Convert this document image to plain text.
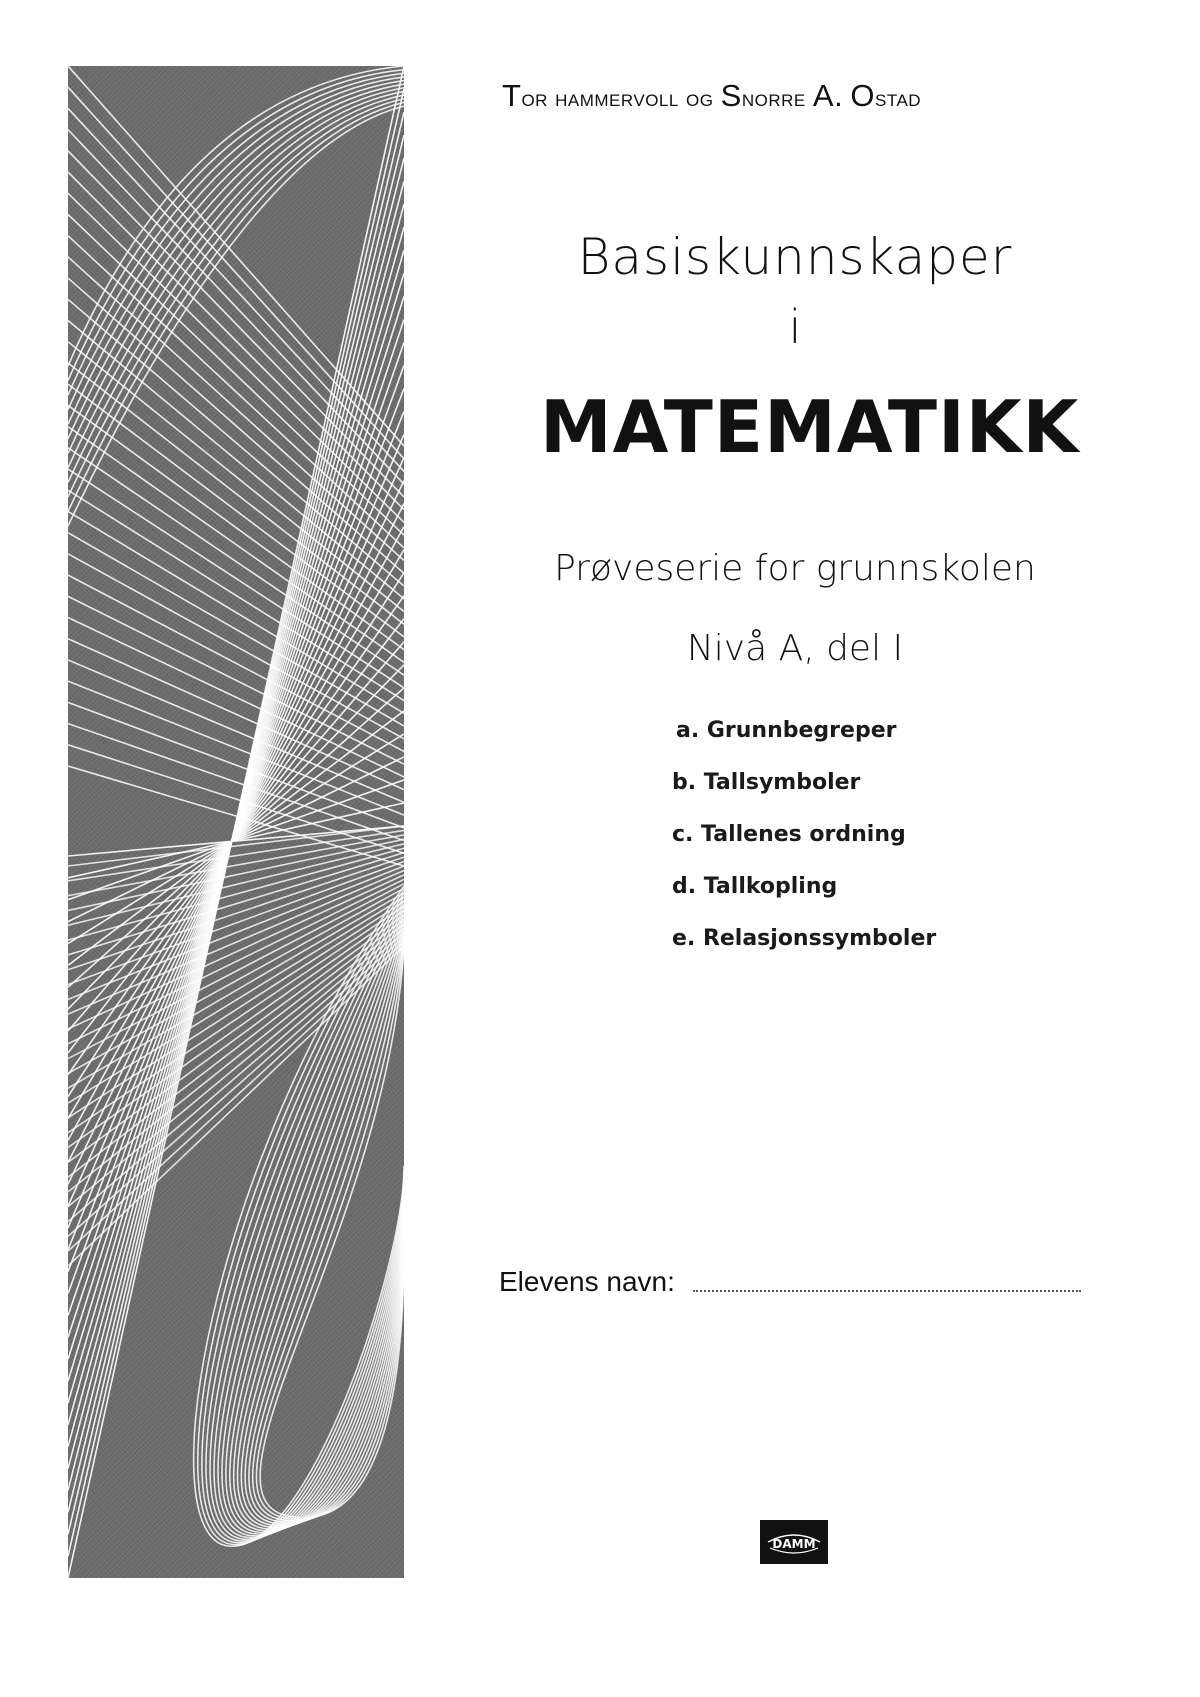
Tor hammervoll og Snorre A. Ostad
Basiskunnskaper
i
MATEMATIKK
Prøveserie for grunnskolen
Nivå A, del I
a. Grunnbegreper
b. Tallsymboler
c. Tallenes ordning
d. Tallkopling
e. Relasjonssymboler
Elevens navn:
DAMM
